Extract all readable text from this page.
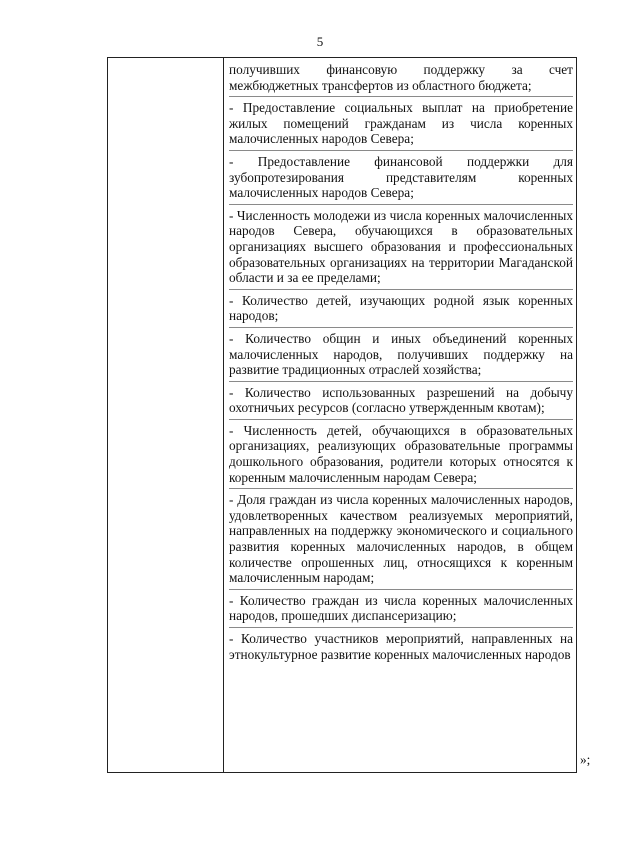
5
получивших финансовую поддержку за счет межбюджетных трансфертов из областного бюджета;
- Предоставление социальных выплат на приобретение жилых помещений гражданам из числа коренных малочисленных народов Севера;
- Предоставление финансовой поддержки для зубопротезирования представителям коренных малочисленных народов Севера;
- Численность молодежи из числа коренных малочисленных народов Севера, обучающихся в образовательных организациях высшего образования и профессиональных образовательных организациях на территории Магаданской области и за ее пределами;
- Количество детей, изучающих родной язык коренных народов;
- Количество общин и иных объединений коренных малочисленных народов, получивших поддержку на развитие традиционных отраслей хозяйства;
- Количество использованных разрешений на добычу охотничьих ресурсов (согласно утвержденным квотам);
- Численность детей, обучающихся в образовательных организациях, реализующих образовательные программы дошкольного образования, родители которых относятся к коренным малочисленным народам Севера;
- Доля граждан из числа коренных малочисленных народов, удовлетворенных качеством реализуемых мероприятий, направленных на поддержку экономического и социального развития коренных малочисленных народов, в общем количестве опрошенных лиц, относящихся к коренным малочисленным народам;
- Количество граждан из числа коренных малочисленных народов, прошедших диспансеризацию;
- Количество участников мероприятий, направленных на этнокультурное развитие коренных малочисленных народов
»;
